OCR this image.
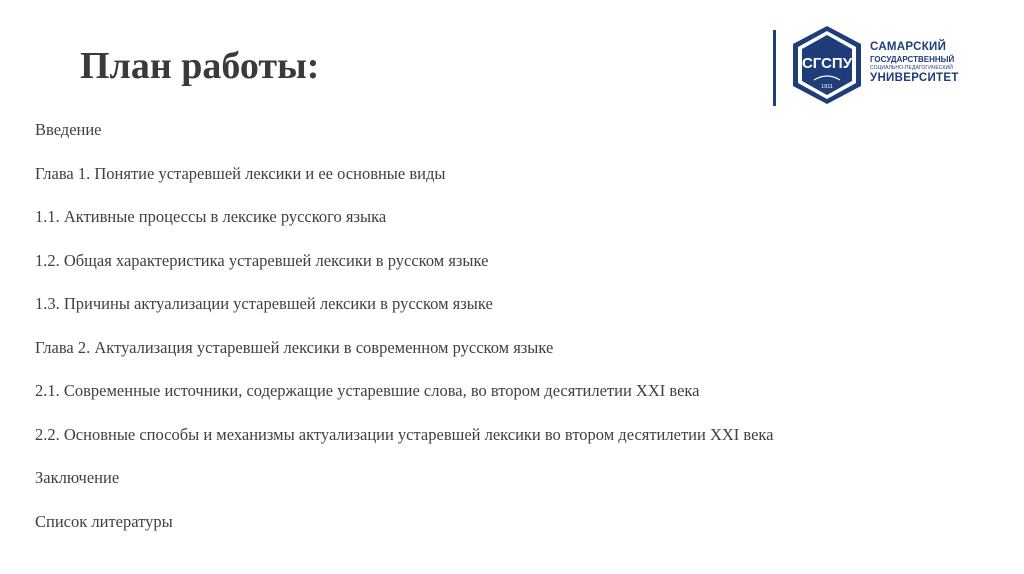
План работы:	СГСПУ
1911
САМАРСКИЙ
ГОСУДАРСТВЕННЫЙ
СОЦИАЛЬНО-ПЕДАГОГИЧЕСКИЙ
УНИВЕРСИТЕТ
Введение
Глава 1. Понятие устаревшей лексики и ее основные виды
1.1. Активные процессы в лексике русского языка
1.2. Общая характеристика устаревшей лексики в русском языке
1.3. Причины актуализации устаревшей лексики в русском языке
Глава 2. Актуализация устаревшей лексики в современном русском языке
2.1. Современные источники, содержащие устаревшие слова, во втором десятилетии XXI века
2.2. Основные способы и механизмы актуализации устаревшей лексики во втором десятилетии XXI века
Заключение
Список литературы
